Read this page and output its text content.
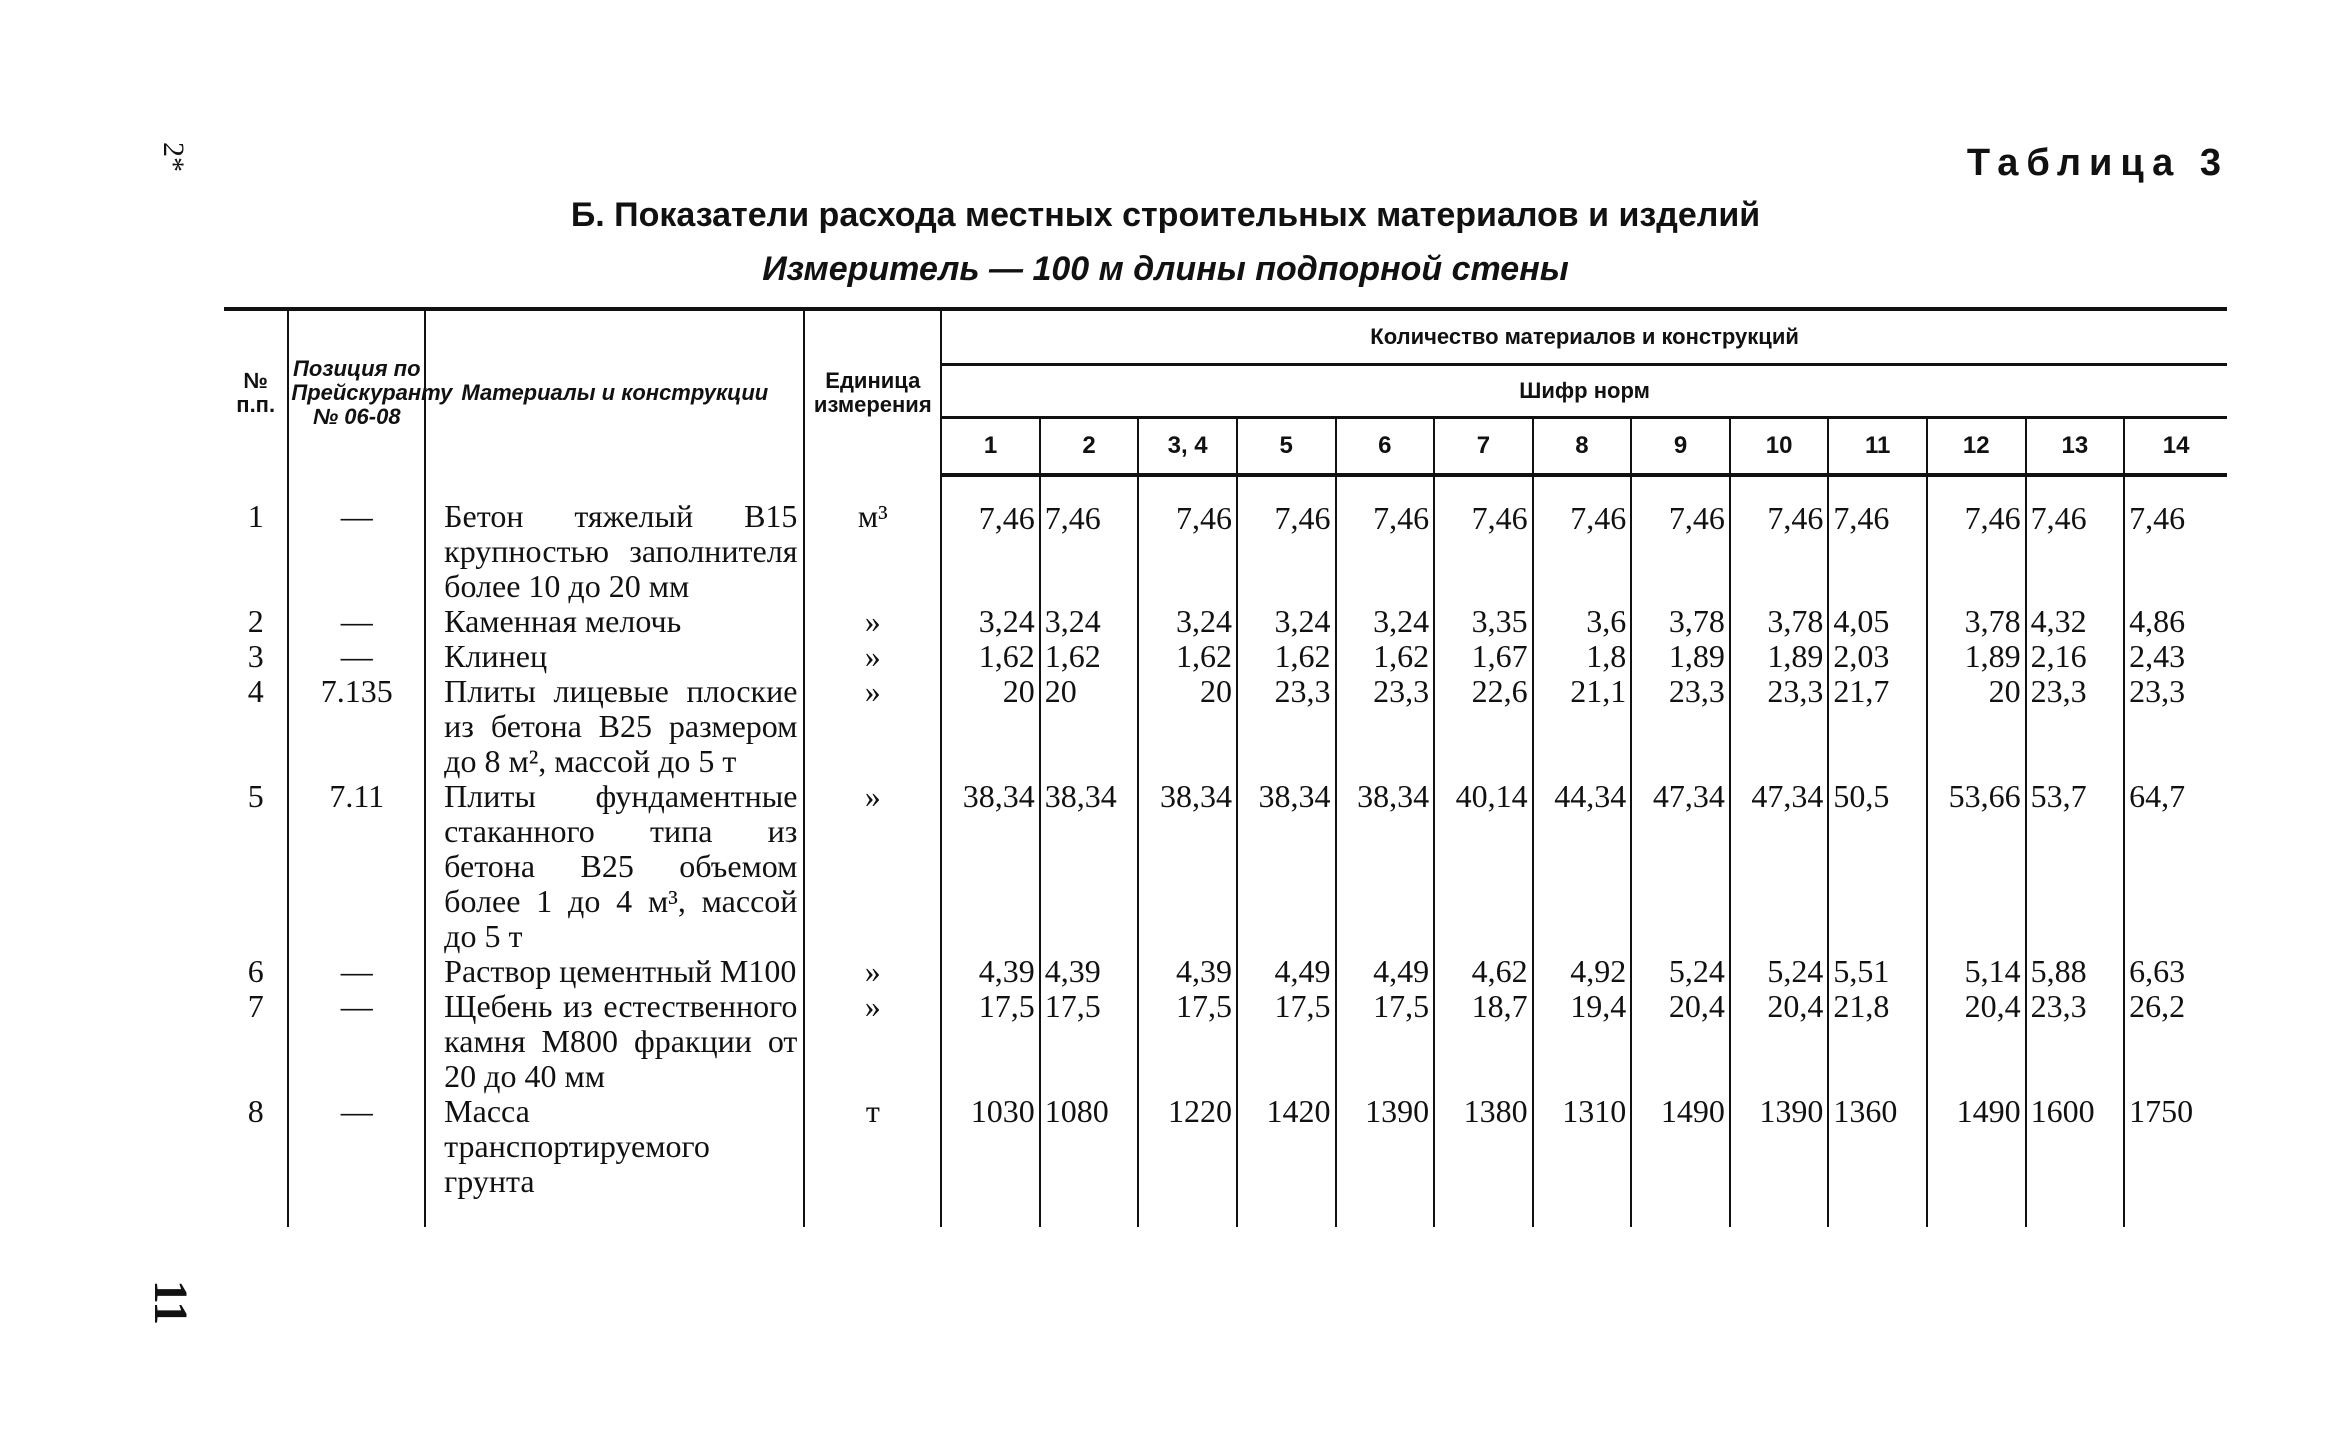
2*
11
Таблица 3
Б. Показатели расхода местных строительных материалов и изделий
Измеритель — 100 м длины подпорной стены
№ п.п.	Позиция по Прейскуранту № 06-08	Материалы и конструкции	Единица измерения	Количество материалов и конструкций												
				Шифр норм												
				1	2	3, 4	5	6	7	8	9	10	11	12	13	14
1	—	Бетон тяжелый В15 крупностью заполнителя более 10 до 20 мм	м³	7,46	7,46	7,46	7,46	7,46	7,46	7,46	7,46	7,46	7,46	7,46	7,46	7,46
2	—	Каменная мелочь	»	3,24	3,24	3,24	3,24	3,24	3,35	3,6	3,78	3,78	4,05	3,78	4,32	4,86
3	—	Клинец	»	1,62	1,62	1,62	1,62	1,62	1,67	1,8	1,89	1,89	2,03	1,89	2,16	2,43
4	7.135	Плиты лицевые плоские из бетона В25 размером до 8 м², массой до 5 т	»	20	20	20	23,3	23,3	22,6	21,1	23,3	23,3	21,7	20	23,3	23,3
5	7.11	Плиты фундаментные стаканного типа из бетона В25 объемом более 1 до 4 м³, массой до 5 т	»	38,34	38,34	38,34	38,34	38,34	40,14	44,34	47,34	47,34	50,5	53,66	53,7	64,7
6	—	Раствор цементный М100	»	4,39	4,39	4,39	4,49	4,49	4,62	4,92	5,24	5,24	5,51	5,14	5,88	6,63
7	—	Щебень из естественного камня М800 фракции от 20 до 40 мм	»	17,5	17,5	17,5	17,5	17,5	18,7	19,4	20,4	20,4	21,8	20,4	23,3	26,2
8	—	Масса транспортируемого грунта	т	1030	1080	1220	1420	1390	1380	1310	1490	1390	1360	1490	1600	1750
